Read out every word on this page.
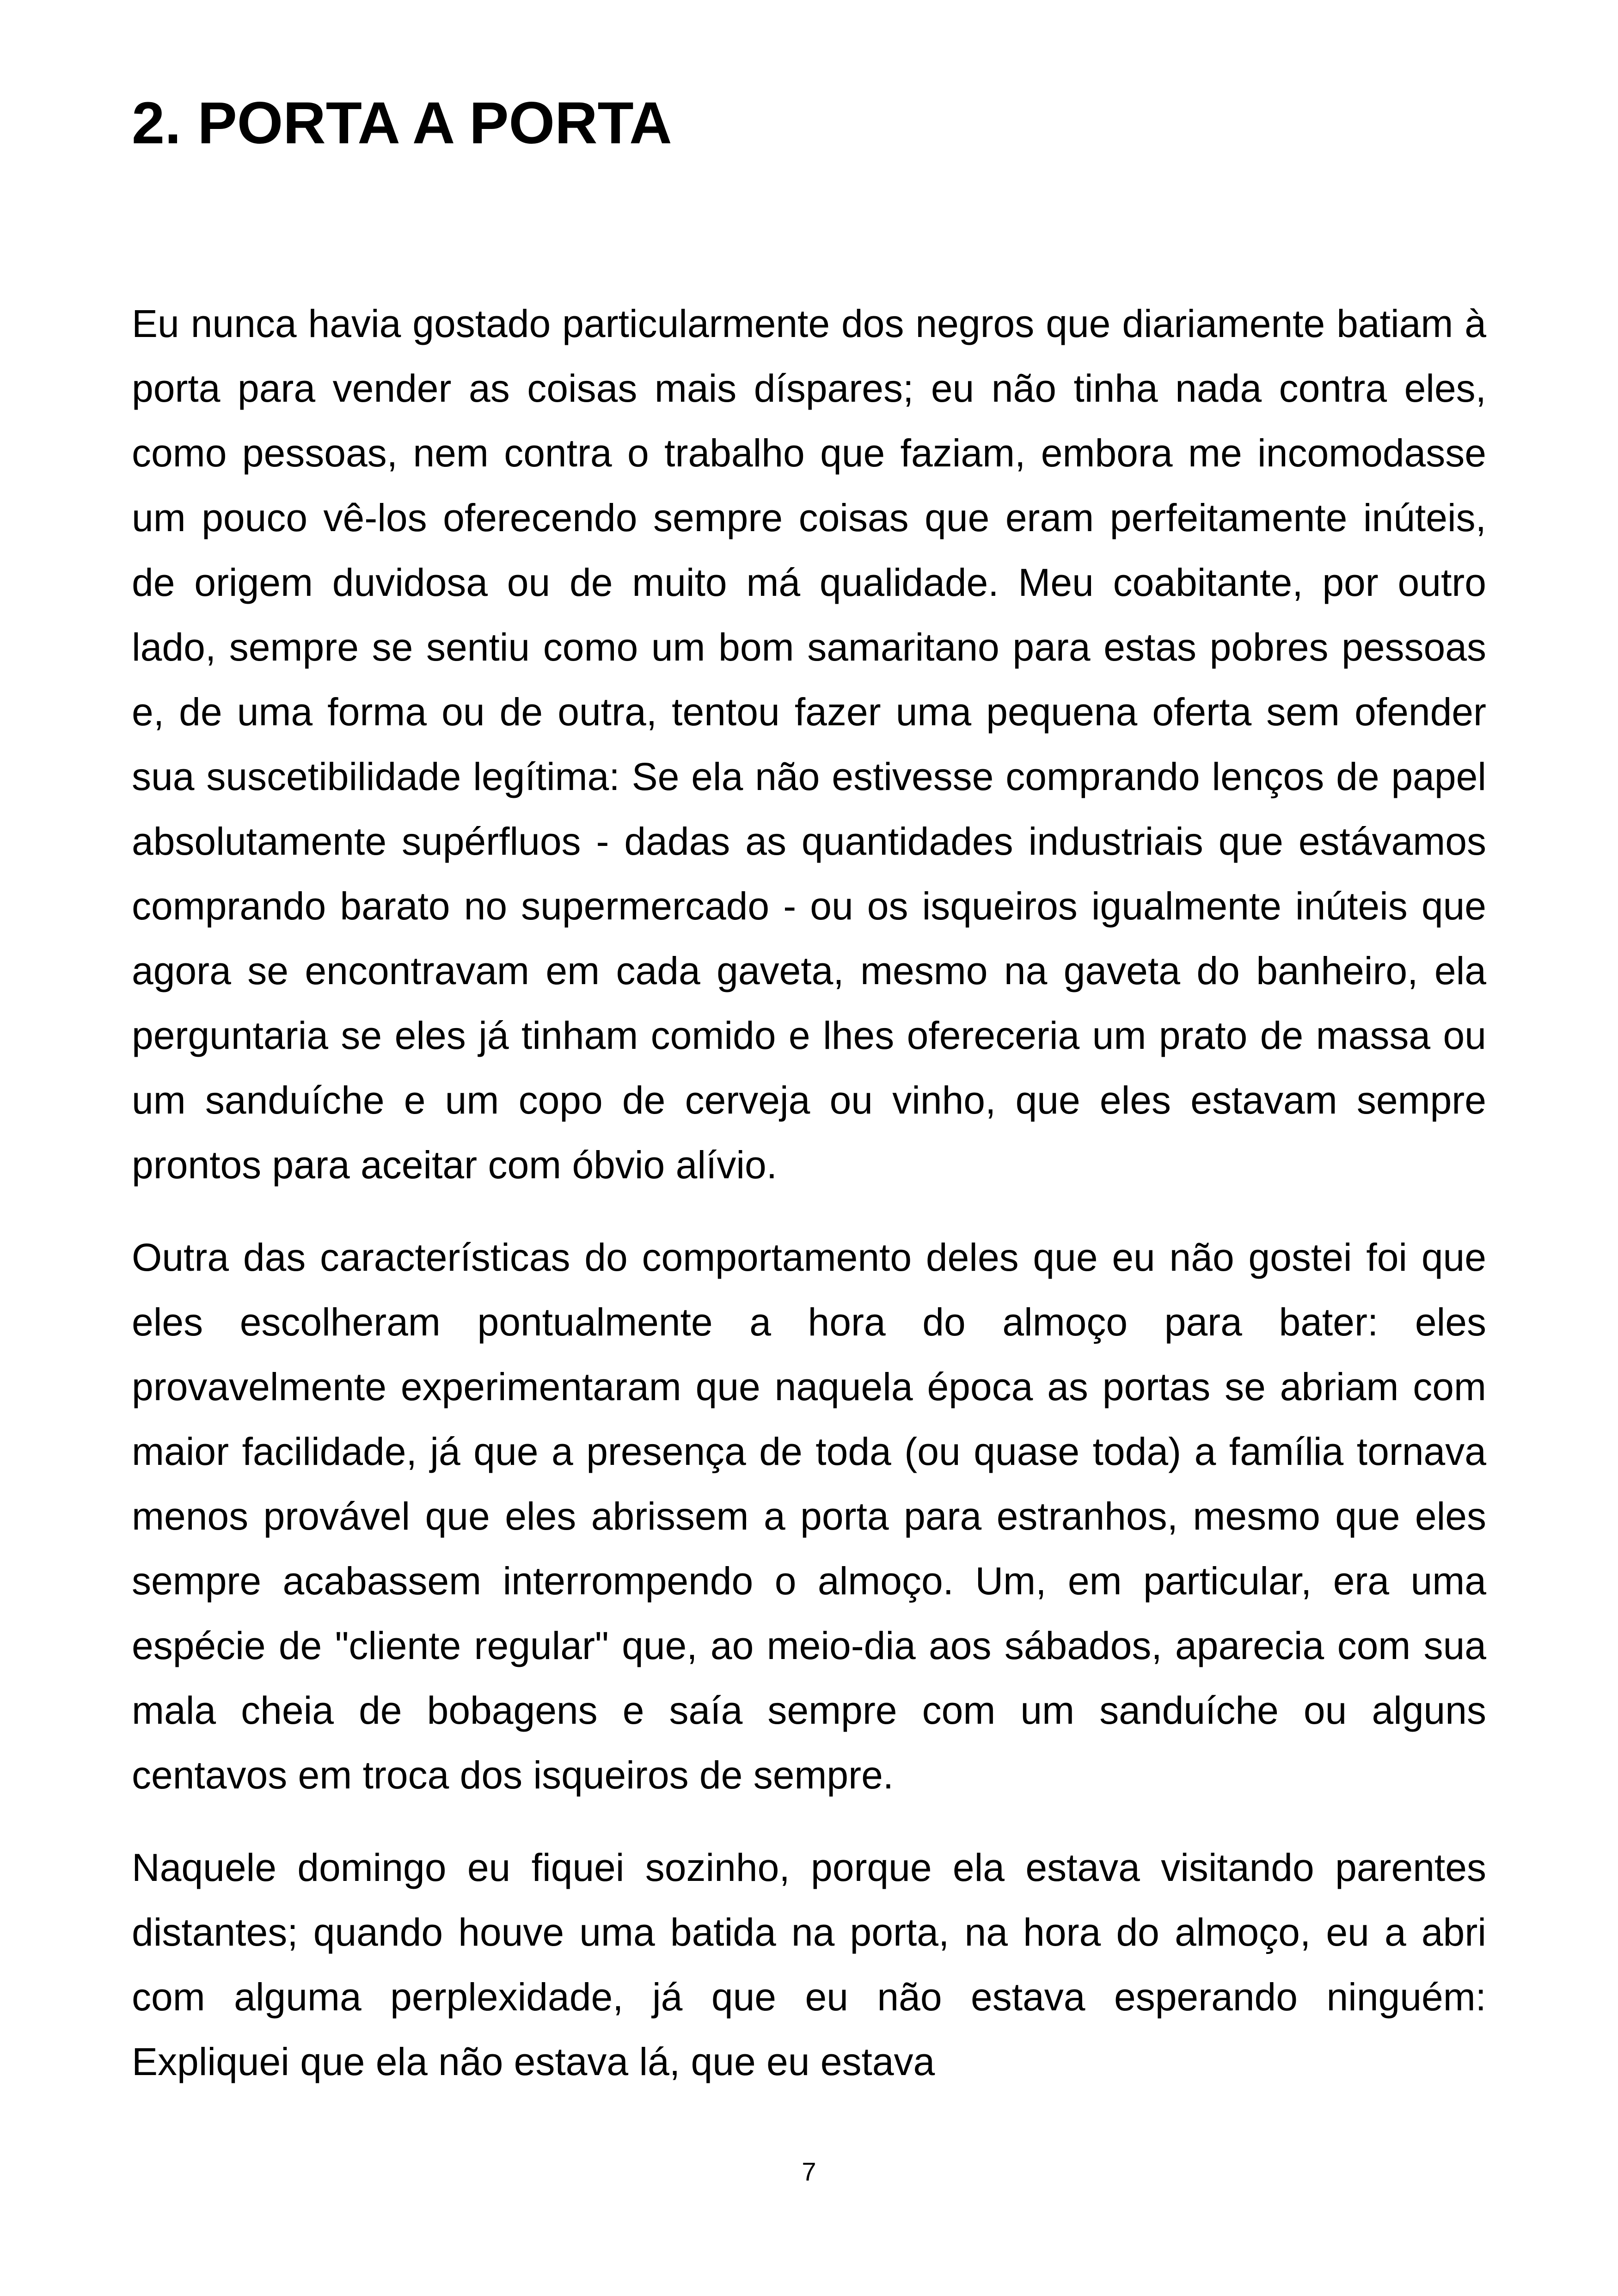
2. PORTA A PORTA

Eu nunca havia gostado particularmente dos negros que diariamente batiam à porta para vender as coisas mais díspares; eu não tinha nada contra eles, como pessoas, nem contra o trabalho que faziam, embora me incomodasse um pouco vê-los oferecendo sempre coisas que eram perfeitamente inúteis, de origem duvidosa ou de muito má qualidade. Meu coabitante, por outro lado, sempre se sentiu como um bom samaritano para estas pobres pessoas e, de uma forma ou de outra, tentou fazer uma pequena oferta sem ofender sua suscetibilidade legítima: Se ela não estivesse comprando lenços de papel absolutamente supérfluos - dadas as quantidades industriais que estávamos comprando barato no supermercado - ou os isqueiros igualmente inúteis que agora se encontravam em cada gaveta, mesmo na gaveta do banheiro, ela perguntaria se eles já tinham comido e lhes ofereceria um prato de massa ou um sanduíche e um copo de cerveja ou vinho, que eles estavam sempre prontos para aceitar com óbvio alívio.

Outra das características do comportamento deles que eu não gostei foi que eles escolheram pontualmente a hora do almoço para bater: eles provavelmente experimentaram que naquela época as portas se abriam com maior facilidade, já que a presença de toda (ou quase toda) a família tornava menos provável que eles abrissem a porta para estranhos, mesmo que eles sempre acabassem interrompendo o almoço. Um, em particular, era uma espécie de "cliente regular" que, ao meio-dia aos sábados, aparecia com sua mala cheia de bobagens e saía sempre com um sanduíche ou alguns centavos em troca dos isqueiros de sempre.

Naquele domingo eu fiquei sozinho, porque ela estava visitando parentes distantes; quando houve uma batida na porta, na hora do almoço, eu a abri com alguma perplexidade, já que eu não estava esperando ninguém: Expliquei que ela não estava lá, que eu estava

7
